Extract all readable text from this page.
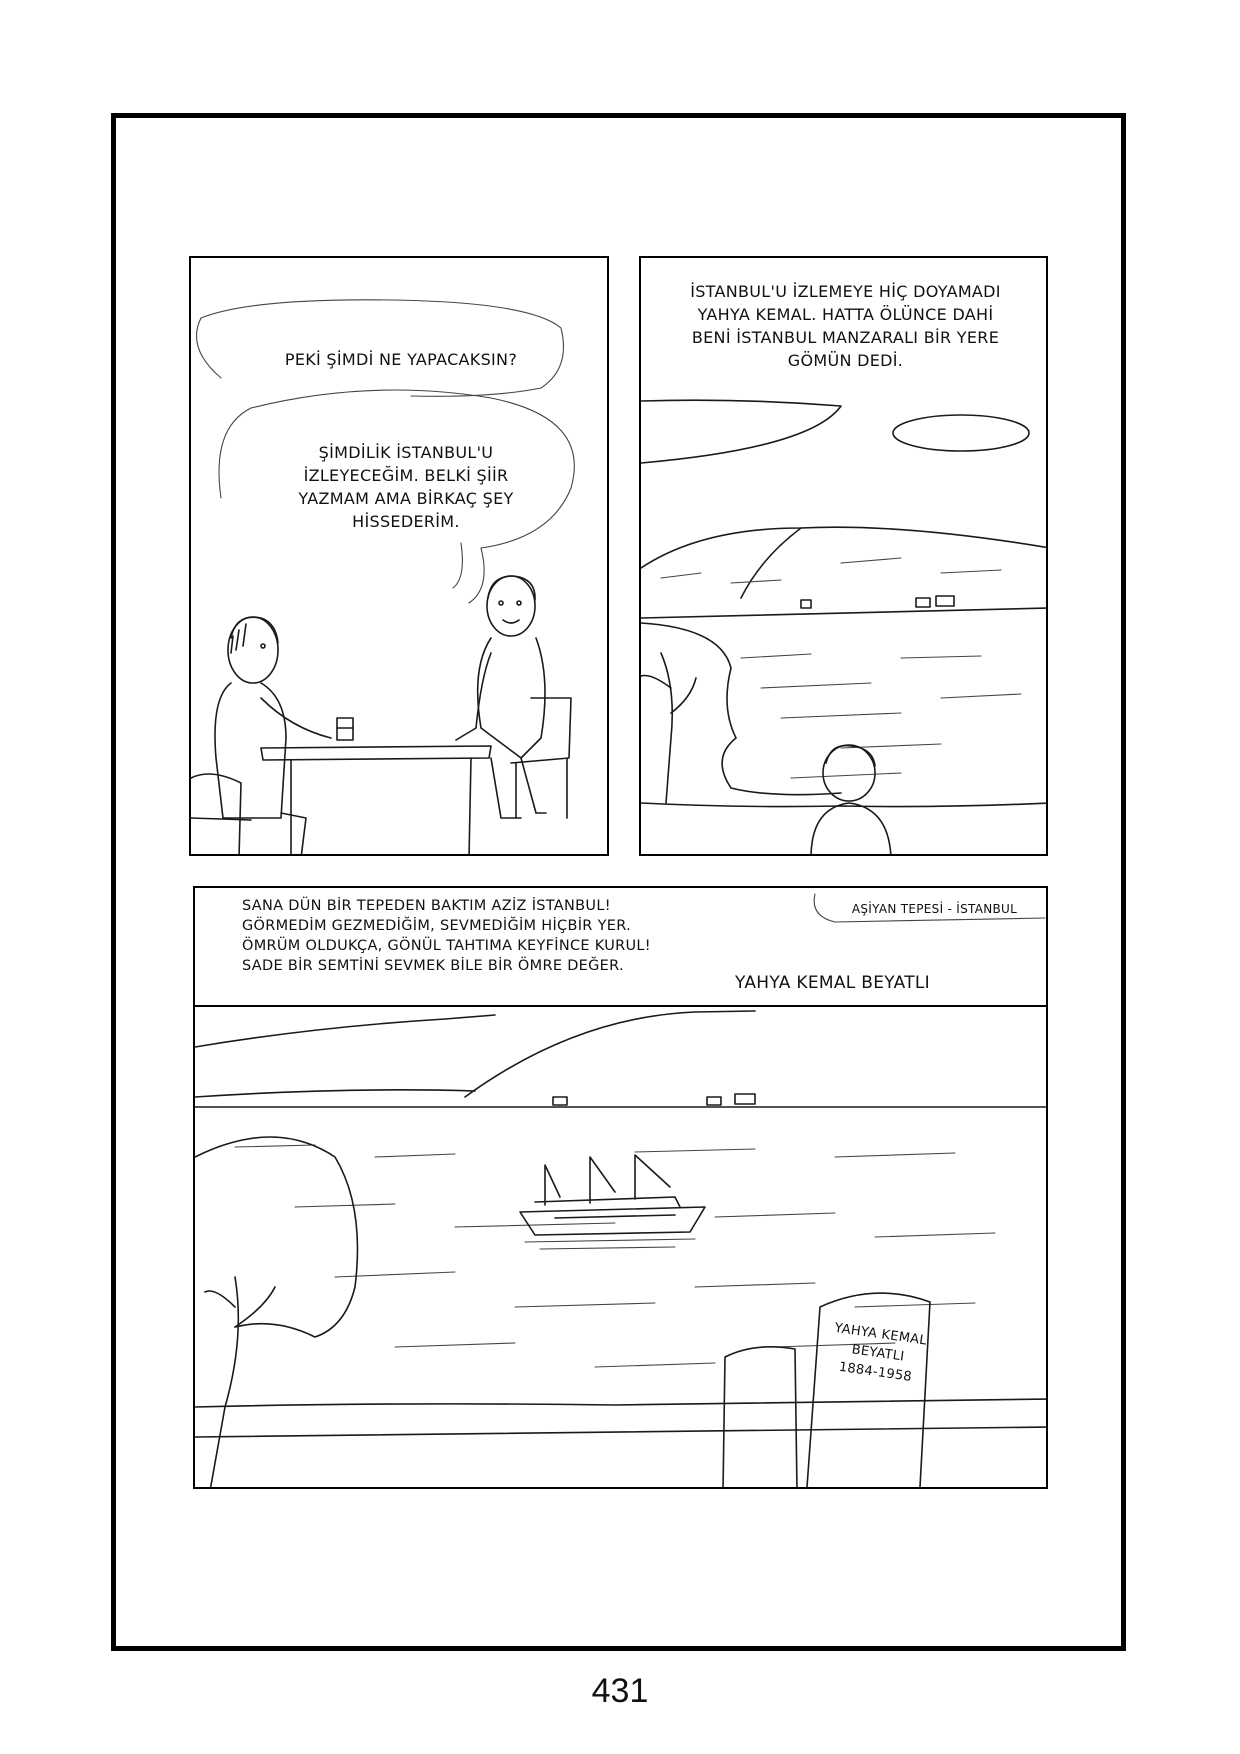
PEKİ ŞİMDİ NE YAPACAKSIN?
ŞİMDİLİK İSTANBUL'U
İZLEYECEĞİM. BELKİ ŞİİR
YAZMAM AMA BİRKAÇ ŞEY
HİSSEDERİM.
İSTANBUL'U İZLEMEYE HİÇ DOYAMADI
YAHYA KEMAL. HATTA ÖLÜNCE DAHİ
BENİ İSTANBUL MANZARALI BİR YERE
GÖMÜN DEDİ.
SANA DÜN BİR TEPEDEN BAKTIM AZİZ İSTANBUL!
GÖRMEDİM GEZMEDİĞİM, SEVMEDİĞİM HİÇBİR YER.
ÖMRÜM OLDUKÇA, GÖNÜL TAHTIMA KEYFİNCE KURUL!
SADE BİR SEMTİNİ SEVMEK BİLE BİR ÖMRE DEĞER.
AŞİYAN TEPESİ - İSTANBUL
YAHYA KEMAL BEYATLI
YAHYA KEMAL
BEYATLI
1884-1958
431
